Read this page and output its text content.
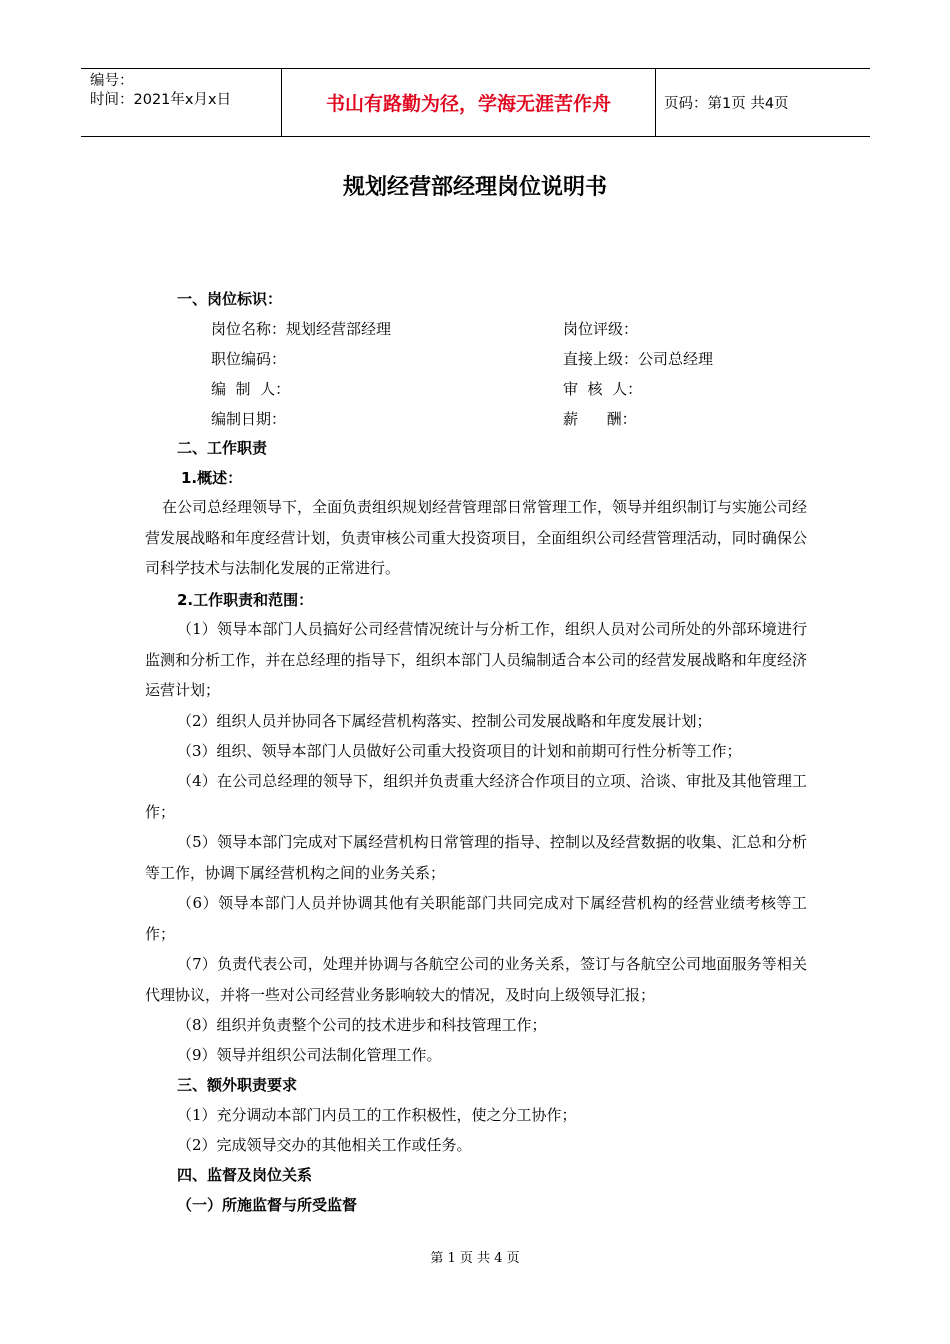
编号：
时间：2021年x月x日	书山有路勤为径，学海无涯苦作舟	页码：第1页 共4页
规划经营部经理岗位说明书
一、岗位标识：
岗位名称：规划经营部经理	岗位评级：
职位编码：	直接上级：公司总经理
编  制  人：	审  核  人：
编制日期：	薪      酬：
二、工作职责
1.概述：
在公司总经理领导下，全面负责组织规划经营管理部日常管理工作，领导并组织制订与实施公司经营发展战略和年度经营计划，负责审核公司重大投资项目，全面组织公司经营管理活动，同时确保公司科学技术与法制化发展的正常进行。
2.工作职责和范围：
（1）领导本部门人员搞好公司经营情况统计与分析工作，组织人员对公司所处的外部环境进行监测和分析工作，并在总经理的指导下，组织本部门人员编制适合本公司的经营发展战略和年度经济运营计划；
（2）组织人员并协同各下属经营机构落实、控制公司发展战略和年度发展计划；
（3）组织、领导本部门人员做好公司重大投资项目的计划和前期可行性分析等工作；
（4）在公司总经理的领导下，组织并负责重大经济合作项目的立项、洽谈、审批及其他管理工作；
（5）领导本部门完成对下属经营机构日常管理的指导、控制以及经营数据的收集、汇总和分析等工作，协调下属经营机构之间的业务关系；
（6）领导本部门人员并协调其他有关职能部门共同完成对下属经营机构的经营业绩考核等工作；
（7）负责代表公司，处理并协调与各航空公司的业务关系，签订与各航空公司地面服务等相关代理协议，并将一些对公司经营业务影响较大的情况，及时向上级领导汇报；
（8）组织并负责整个公司的技术进步和科技管理工作；
（9）领导并组织公司法制化管理工作。
三、额外职责要求
（1）充分调动本部门内员工的工作积极性，使之分工协作；
（2）完成领导交办的其他相关工作或任务。
四、监督及岗位关系
（一）所施监督与所受监督
第 1 页 共 4 页
